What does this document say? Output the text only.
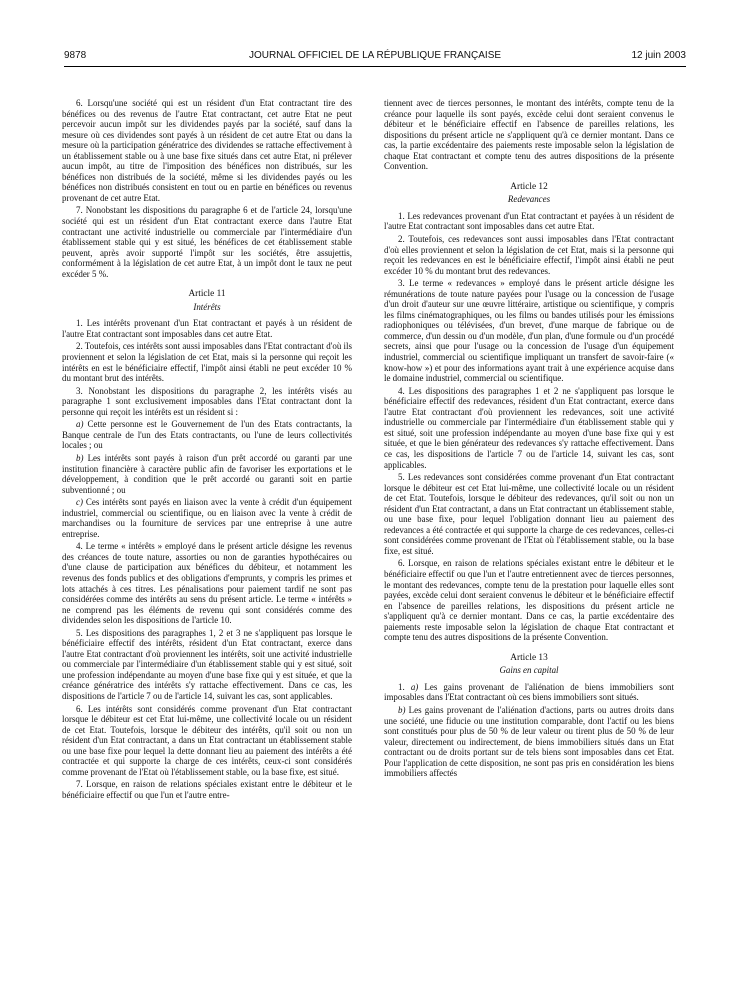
9878	JOURNAL OFFICIEL DE LA RÉPUBLIQUE FRANÇAISE	12 juin 2003

6. Lorsqu'une société qui est un résident d'un Etat contractant tire des bénéfices ou des revenus de l'autre Etat contractant, cet autre Etat ne peut percevoir aucun impôt sur les dividendes payés par la société, sauf dans la mesure où ces dividendes sont payés à un résident de cet autre Etat ou dans la mesure où la participation génératrice des dividendes se rattache effectivement à un établissement stable ou à une base fixe situés dans cet autre Etat, ni prélever aucun impôt, au titre de l'imposition des bénéfices non distribués, sur les bénéfices non distribués de la société, même si les dividendes payés ou les bénéfices non distribués consistent en tout ou en partie en bénéfices ou revenus provenant de cet autre Etat.

7. Nonobstant les dispositions du paragraphe 6 et de l'article 24, lorsqu'une société qui est un résident d'un Etat contractant exerce dans l'autre Etat contractant une activité industrielle ou commerciale par l'intermédiaire d'un établissement stable qui y est situé, les bénéfices de cet établissement stable peuvent, après avoir supporté l'impôt sur les sociétés, être assujettis, conformément à la législation de cet autre Etat, à un impôt dont le taux ne peut excéder 5 %.

Article 11
Intérêts

1. Les intérêts provenant d'un Etat contractant et payés à un résident de l'autre Etat contractant sont imposables dans cet autre Etat.

2. Toutefois, ces intérêts sont aussi imposables dans l'Etat contractant d'où ils proviennent et selon la législation de cet Etat, mais si la personne qui reçoit les intérêts en est le bénéficiaire effectif, l'impôt ainsi établi ne peut excéder 10 % du montant brut des intérêts.

3. Nonobstant les dispositions du paragraphe 2, les intérêts visés au paragraphe 1 sont exclusivement imposables dans l'Etat contractant dont la personne qui reçoit les intérêts est un résident si :

a) Cette personne est le Gouvernement de l'un des Etats contractants, la Banque centrale de l'un des Etats contractants, ou l'une de leurs collectivités locales ; ou

b) Les intérêts sont payés à raison d'un prêt accordé ou garanti par une institution financière à caractère public afin de favoriser les exportations et le développement, à condition que le prêt accordé ou garanti soit en partie subventionné ; ou

c) Ces intérêts sont payés en liaison avec la vente à crédit d'un équipement industriel, commercial ou scientifique, ou en liaison avec la vente à crédit de marchandises ou la fourniture de services par une entreprise à une autre entreprise.

4. Le terme « intérêts » employé dans le présent article désigne les revenus des créances de toute nature, assorties ou non de garanties hypothécaires ou d'une clause de participation aux bénéfices du débiteur, et notamment les revenus des fonds publics et des obligations d'emprunts, y compris les primes et lots attachés à ces titres. Les pénalisations pour paiement tardif ne sont pas considérées comme des intérêts au sens du présent article. Le terme « intérêts » ne comprend pas les éléments de revenu qui sont considérés comme des dividendes selon les dispositions de l'article 10.

5. Les dispositions des paragraphes 1, 2 et 3 ne s'appliquent pas lorsque le bénéficiaire effectif des intérêts, résident d'un Etat contractant, exerce dans l'autre Etat contractant d'où proviennent les intérêts, soit une activité industrielle ou commerciale par l'intermédiaire d'un établissement stable qui y est situé, soit une profession indépendante au moyen d'une base fixe qui y est située, et que la créance génératrice des intérêts s'y rattache effectivement. Dans ce cas, les dispositions de l'article 7 ou de l'article 14, suivant les cas, sont applicables.

6. Les intérêts sont considérés comme provenant d'un Etat contractant lorsque le débiteur est cet Etat lui-même, une collectivité locale ou un résident de cet Etat. Toutefois, lorsque le débiteur des intérêts, qu'il soit ou non un résident d'un Etat contractant, a dans un Etat contractant un établissement stable ou une base fixe pour lequel la dette donnant lieu au paiement des intérêts a été contractée et qui supporte la charge de ces intérêts, ceux-ci sont considérés comme provenant de l'Etat où l'établissement stable, ou la base fixe, est situé.

7. Lorsque, en raison de relations spéciales existant entre le débiteur et le bénéficiaire effectif ou que l'un et l'autre entre-

tiennent avec de tierces personnes, le montant des intérêts, compte tenu de la créance pour laquelle ils sont payés, excède celui dont seraient convenus le débiteur et le bénéficiaire effectif en l'absence de pareilles relations, les dispositions du présent article ne s'appliquent qu'à ce dernier montant. Dans ce cas, la partie excédentaire des paiements reste imposable selon la législation de chaque Etat contractant et compte tenu des autres dispositions de la présente Convention.

Article 12
Redevances

1. Les redevances provenant d'un Etat contractant et payées à un résident de l'autre Etat contractant sont imposables dans cet autre Etat.

2. Toutefois, ces redevances sont aussi imposables dans l'Etat contractant d'où elles proviennent et selon la législation de cet Etat, mais si la personne qui reçoit les redevances en est le bénéficiaire effectif, l'impôt ainsi établi ne peut excéder 10 % du montant brut des redevances.

3. Le terme « redevances » employé dans le présent article désigne les rémunérations de toute nature payées pour l'usage ou la concession de l'usage d'un droit d'auteur sur une œuvre littéraire, artistique ou scientifique, y compris les films cinématographiques, ou les films ou bandes utilisés pour les émissions radiophoniques ou télévisées, d'un brevet, d'une marque de fabrique ou de commerce, d'un dessin ou d'un modèle, d'un plan, d'une formule ou d'un procédé secrets, ainsi que pour l'usage ou la concession de l'usage d'un équipement industriel, commercial ou scientifique impliquant un transfert de savoir-faire (« know-how ») et pour des informations ayant trait à une expérience acquise dans le domaine industriel, commercial ou scientifique.

4. Les dispositions des paragraphes 1 et 2 ne s'appliquent pas lorsque le bénéficiaire effectif des redevances, résident d'un Etat contractant, exerce dans l'autre Etat contractant d'où proviennent les redevances, soit une activité industrielle ou commerciale par l'intermédiaire d'un établissement stable qui y est situé, soit une profession indépendante au moyen d'une base fixe qui y est située, et que le bien générateur des redevances s'y rattache effectivement. Dans ce cas, les dispositions de l'article 7 ou de l'article 14, suivant les cas, sont applicables.

5. Les redevances sont considérées comme provenant d'un Etat contractant lorsque le débiteur est cet Etat lui-même, une collectivité locale ou un résident de cet Etat. Toutefois, lorsque le débiteur des redevances, qu'il soit ou non un résident d'un Etat contractant, a dans un Etat contractant un établissement stable, ou une base fixe, pour lequel l'obligation donnant lieu au paiement des redevances a été contractée et qui supporte la charge de ces redevances, celles-ci sont considérées comme provenant de l'Etat où l'établissement stable, ou la base fixe, est situé.

6. Lorsque, en raison de relations spéciales existant entre le débiteur et le bénéficiaire effectif ou que l'un et l'autre entretiennent avec de tierces personnes, le montant des redevances, compte tenu de la prestation pour laquelle elles sont payées, excède celui dont seraient convenus le débiteur et le bénéficiaire effectif en l'absence de pareilles relations, les dispositions du présent article ne s'appliquent qu'à ce dernier montant. Dans ce cas, la partie excédentaire des paiements reste imposable selon la législation de chaque Etat contractant et compte tenu des autres dispositions de la présente Convention.

Article 13
Gains en capital

1. a) Les gains provenant de l'aliénation de biens immobiliers sont imposables dans l'Etat contractant où ces biens immobiliers sont situés.

b) Les gains provenant de l'aliénation d'actions, parts ou autres droits dans une société, une fiducie ou une institution comparable, dont l'actif ou les biens sont constitués pour plus de 50 % de leur valeur ou tirent plus de 50 % de leur valeur, directement ou indirectement, de biens immobiliers situés dans un Etat contractant ou de droits portant sur de tels biens sont imposables dans cet Etat. Pour l'application de cette disposition, ne sont pas pris en considération les biens immobiliers affectés
